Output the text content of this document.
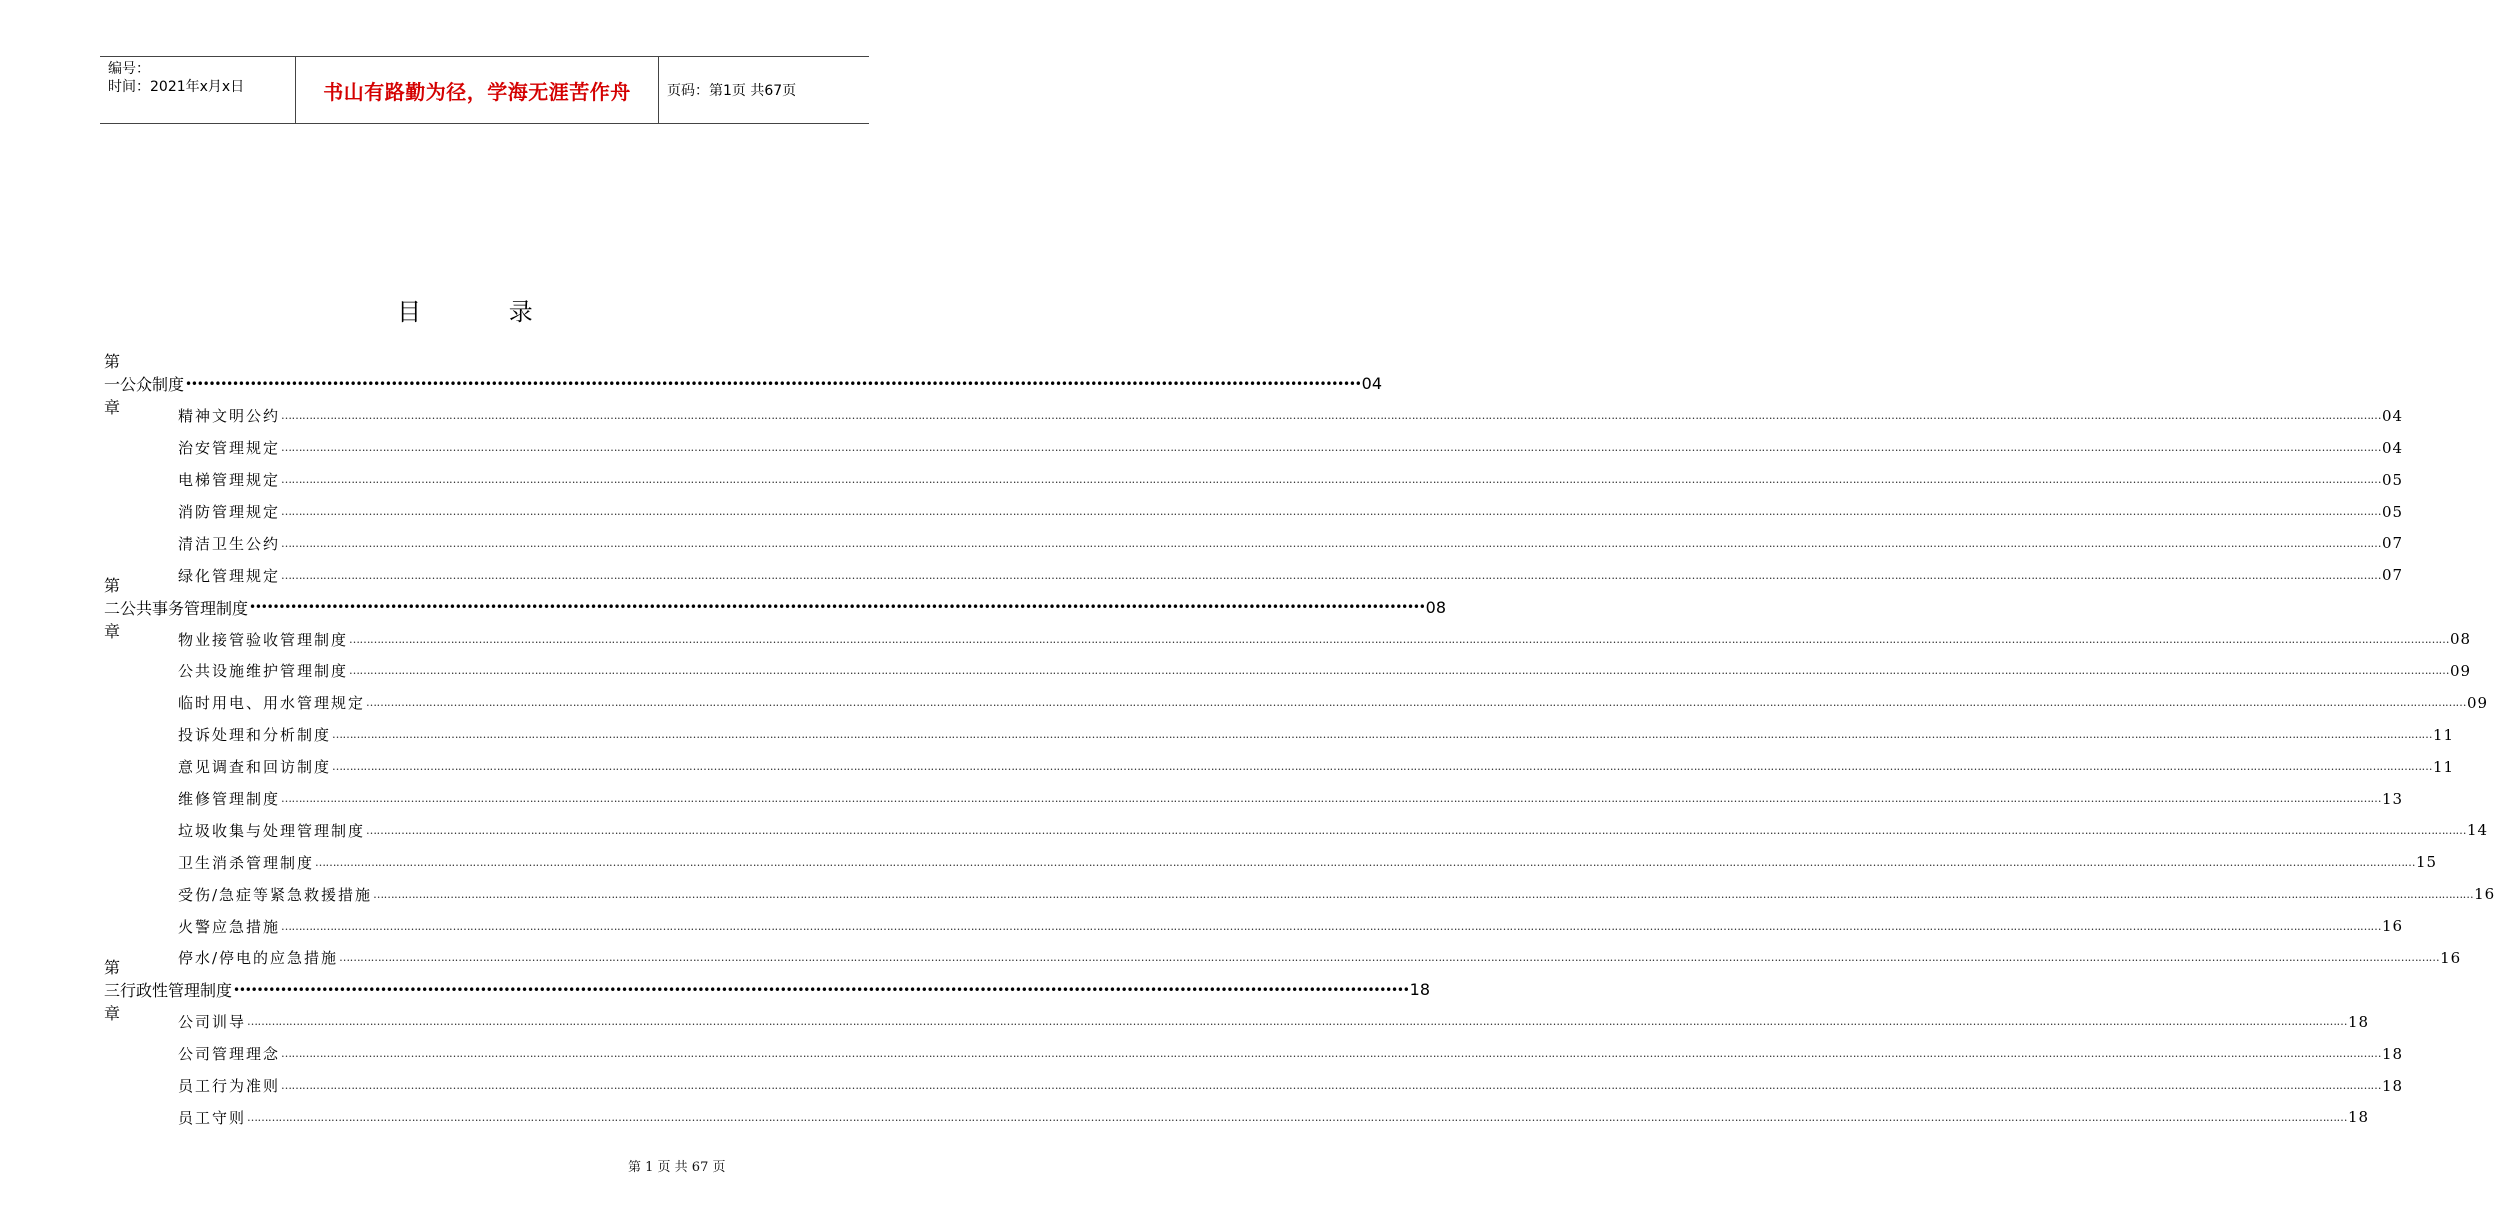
编号：
时间：2021年x月x日	书山有路勤为径，学海无涯苦作舟	页码：第1页 共67页
目 录
第一章
公众制度 •••••••••••••••••••••••••••••••••••••••••••••••••••••••••••••••••••••••••••••••••••••••••••••••••••••••••••••••••••••••••••••••••••••••••••••••••••••••••••••••••••••••••••••••••••••••••••••••••••••••• 04
精神文明公约 …………………………………………………………………………………………………………………………………………………………………………………………………………………………………………………………………………………………………………………………………………………………………………………………………………………………………………………………………………………………………………………………………………………… 04
治安管理规定 …………………………………………………………………………………………………………………………………………………………………………………………………………………………………………………………………………………………………………………………………………………………………………………………………………………………………………………………………………………………………………………………………………………… 04
电梯管理规定 …………………………………………………………………………………………………………………………………………………………………………………………………………………………………………………………………………………………………………………………………………………………………………………………………………………………………………………………………………………………………………………………………………………… 05
消防管理规定 …………………………………………………………………………………………………………………………………………………………………………………………………………………………………………………………………………………………………………………………………………………………………………………………………………………………………………………………………………………………………………………………………………………… 05
清洁卫生公约 …………………………………………………………………………………………………………………………………………………………………………………………………………………………………………………………………………………………………………………………………………………………………………………………………………………………………………………………………………………………………………………………………………………… 07
绿化管理规定 …………………………………………………………………………………………………………………………………………………………………………………………………………………………………………………………………………………………………………………………………………………………………………………………………………………………………………………………………………………………………………………………………………………… 07
第二章
公共事务管理制度 •••••••••••••••••••••••••••••••••••••••••••••••••••••••••••••••••••••••••••••••••••••••••••••••••••••••••••••••••••••••••••••••••••••••••••••••••••••••••••••••••••••••••••••••••••••••••••••••••••••••• 08
物业接管验收管理制度 …………………………………………………………………………………………………………………………………………………………………………………………………………………………………………………………………………………………………………………………………………………………………………………………………………………………………………………………………………………………………………………………………………………… 08
公共设施维护管理制度 …………………………………………………………………………………………………………………………………………………………………………………………………………………………………………………………………………………………………………………………………………………………………………………………………………………………………………………………………………………………………………………………………………………… 09
临时用电、用水管理规定 …………………………………………………………………………………………………………………………………………………………………………………………………………………………………………………………………………………………………………………………………………………………………………………………………………………………………………………………………………………………………………………………………………………… 09
投诉处理和分析制度 …………………………………………………………………………………………………………………………………………………………………………………………………………………………………………………………………………………………………………………………………………………………………………………………………………………………………………………………………………………………………………………………………………………… 11
意见调查和回访制度 …………………………………………………………………………………………………………………………………………………………………………………………………………………………………………………………………………………………………………………………………………………………………………………………………………………………………………………………………………………………………………………………………………………… 11
维修管理制度 …………………………………………………………………………………………………………………………………………………………………………………………………………………………………………………………………………………………………………………………………………………………………………………………………………………………………………………………………………………………………………………………………………………… 13
垃圾收集与处理管理制度 …………………………………………………………………………………………………………………………………………………………………………………………………………………………………………………………………………………………………………………………………………………………………………………………………………………………………………………………………………………………………………………………………………………… 14
卫生消杀管理制度 …………………………………………………………………………………………………………………………………………………………………………………………………………………………………………………………………………………………………………………………………………………………………………………………………………………………………………………………………………………………………………………………………………………… 15
受伤/急症等紧急救援措施 …………………………………………………………………………………………………………………………………………………………………………………………………………………………………………………………………………………………………………………………………………………………………………………………………………………………………………………………………………………………………………………………………………………… 16
火警应急措施 …………………………………………………………………………………………………………………………………………………………………………………………………………………………………………………………………………………………………………………………………………………………………………………………………………………………………………………………………………………………………………………………………………………… 16
停水/停电的应急措施 …………………………………………………………………………………………………………………………………………………………………………………………………………………………………………………………………………………………………………………………………………………………………………………………………………………………………………………………………………………………………………………………………………………… 16
第三章
行政性管理制度 •••••••••••••••••••••••••••••••••••••••••••••••••••••••••••••••••••••••••••••••••••••••••••••••••••••••••••••••••••••••••••••••••••••••••••••••••••••••••••••••••••••••••••••••••••••••••••••••••••••••• 18
公司训导 …………………………………………………………………………………………………………………………………………………………………………………………………………………………………………………………………………………………………………………………………………………………………………………………………………………………………………………………………………………………………………………………………………………… 18
公司管理理念 …………………………………………………………………………………………………………………………………………………………………………………………………………………………………………………………………………………………………………………………………………………………………………………………………………………………………………………………………………………………………………………………………………………… 18
员工行为准则 …………………………………………………………………………………………………………………………………………………………………………………………………………………………………………………………………………………………………………………………………………………………………………………………………………………………………………………………………………………………………………………………………………………… 18
员工守则 …………………………………………………………………………………………………………………………………………………………………………………………………………………………………………………………………………………………………………………………………………………………………………………………………………………………………………………………………………………………………………………………………………………… 18
第 1 页 共 67 页
